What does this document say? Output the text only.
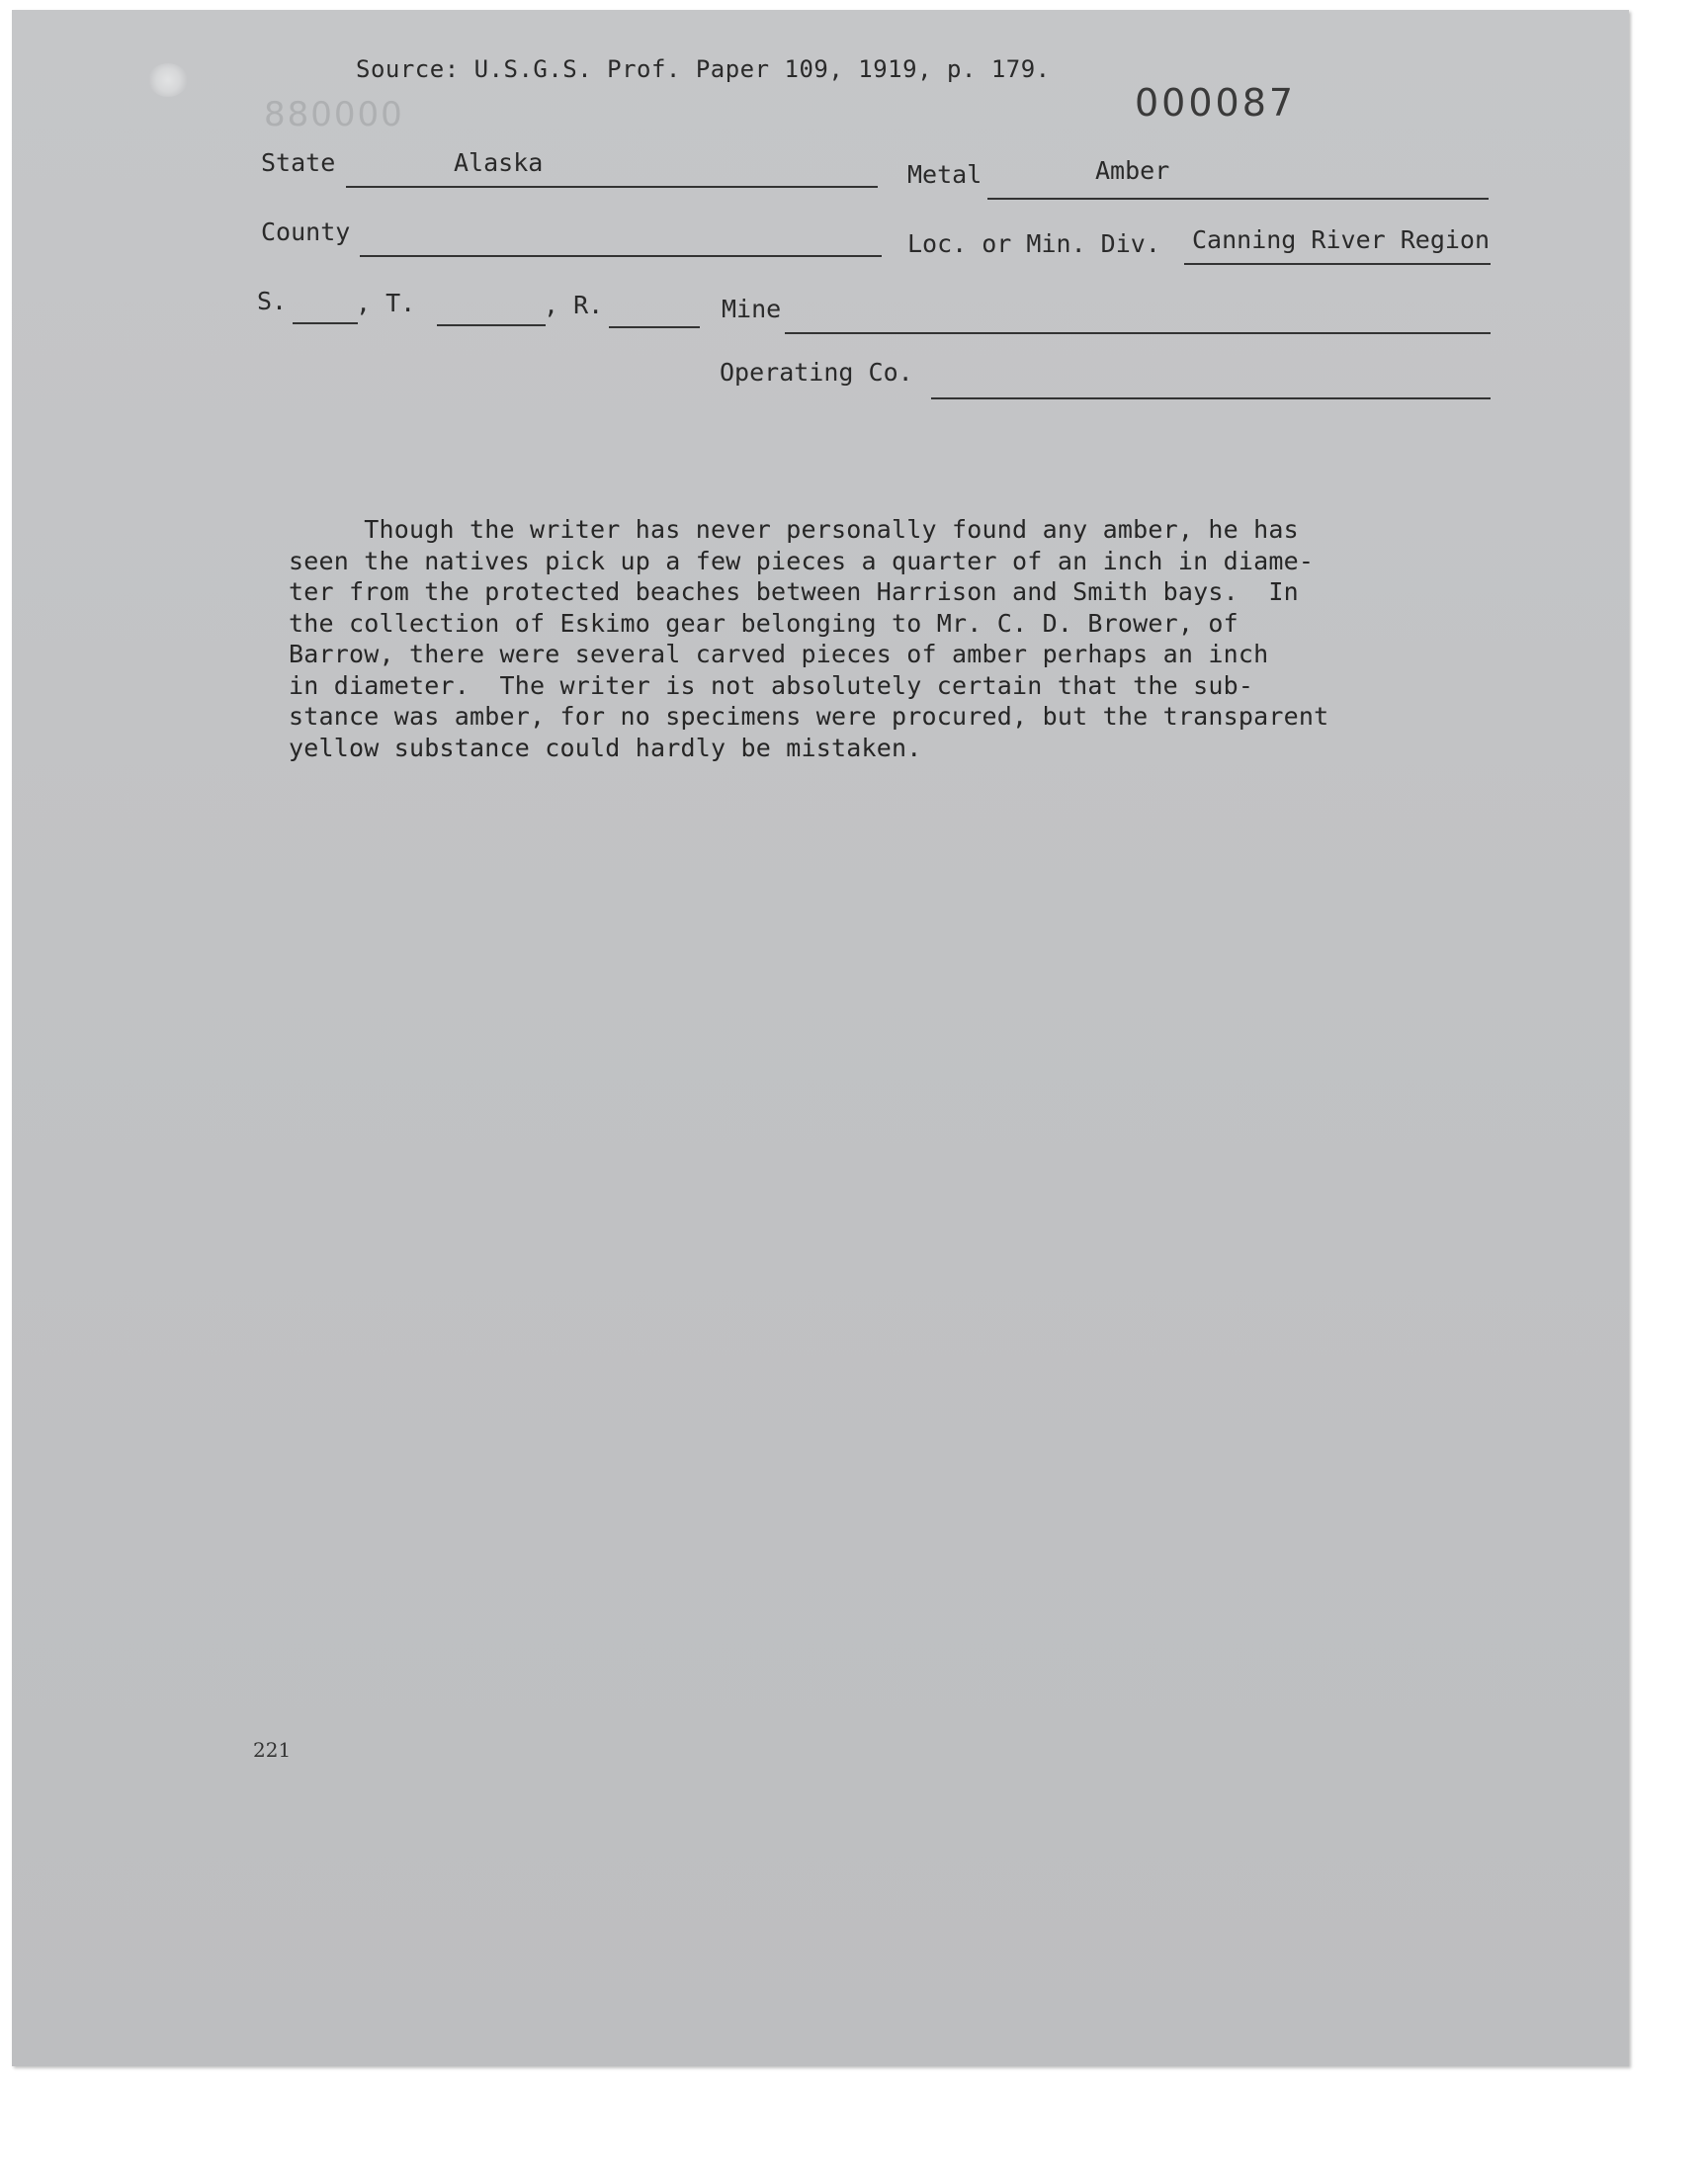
Source: U.S.G.S. Prof. Paper 109, 1919, p. 179.
880000	000087
State	Alaska	Metal	Amber
County	Loc. or Min. Div. Canning River Region
S.	, T.	, R.	Mine
Operating Co.
Though the writer has never personally found any amber, he has
seen the natives pick up a few pieces a quarter of an inch in diame-
ter from the protected beaches between Harrison and Smith bays.  In
the collection of Eskimo gear belonging to Mr. C. D. Brower, of
Barrow, there were several carved pieces of amber perhaps an inch
in diameter.  The writer is not absolutely certain that the sub-
stance was amber, for no specimens were procured, but the transparent
yellow substance could hardly be mistaken.
221
